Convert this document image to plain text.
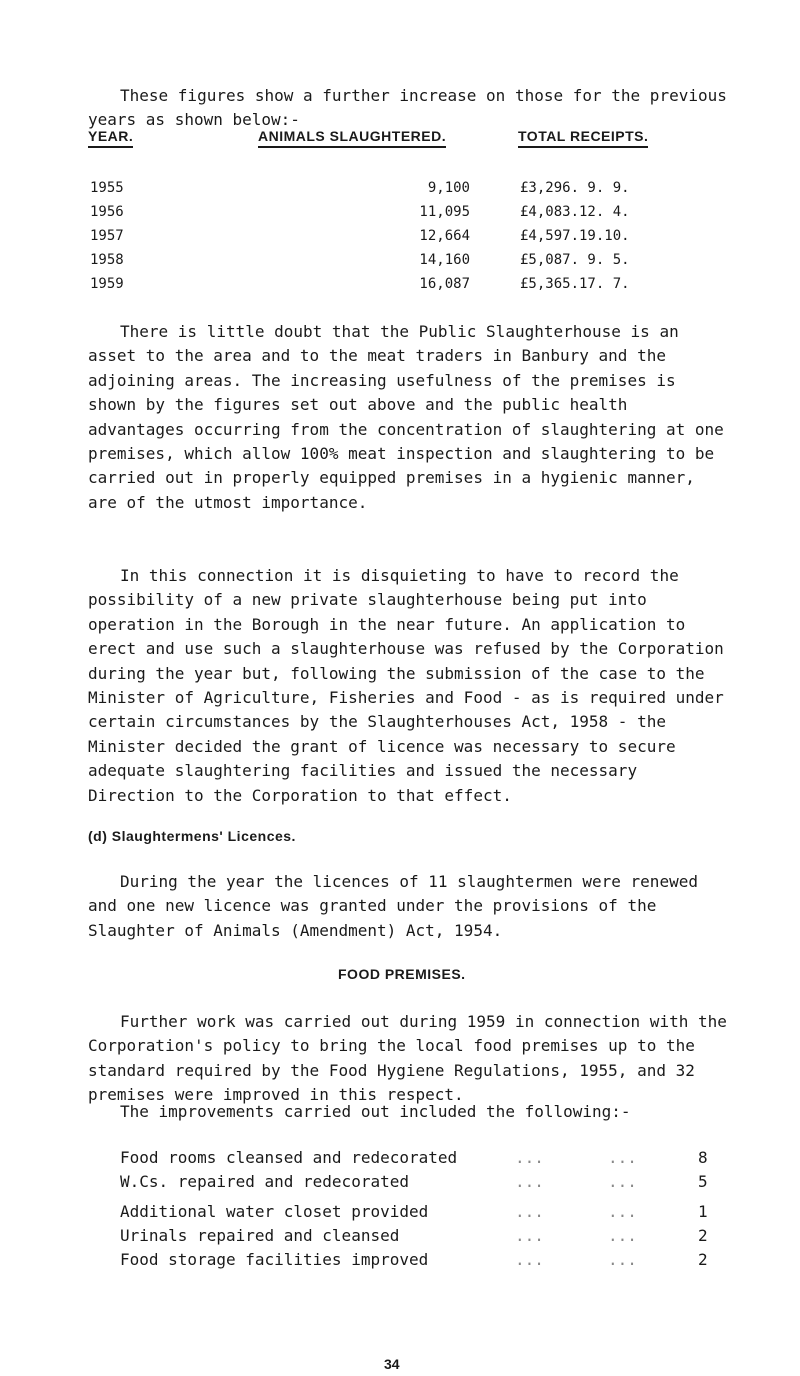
These figures show a further increase on those for the previous years as shown below:-

YEAR.	ANIMALS SLAUGHTERED.	TOTAL RECEIPTS.
1955	9,100	£3,296. 9. 9.
1956	11,095	£4,083.12. 4.
1957	12,664	£4,597.19.10.
1958	14,160	£5,087. 9. 5.
1959	16,087	£5,365.17. 7.

There is little doubt that the Public Slaughterhouse is an asset to the area and to the meat traders in Banbury and the adjoining areas. The increasing usefulness of the premises is shown by the figures set out above and the public health advantages occurring from the concentration of slaughtering at one premises, which allow 100% meat inspection and slaughtering to be carried out in properly equipped premises in a hygienic manner, are of the utmost importance.

In this connection it is disquieting to have to record the possibility of a new private slaughterhouse being put into operation in the Borough in the near future. An application to erect and use such a slaughterhouse was refused by the Corporation during the year but, following the submission of the case to the Minister of Agriculture, Fisheries and Food - as is required under certain circumstances by the Slaughterhouses Act, 1958 - the Minister decided the grant of licence was necessary to secure adequate slaughtering facilities and issued the necessary Direction to the Corporation to that effect.

(d) Slaughtermens' Licences.

During the year the licences of 11 slaughtermen were renewed and one new licence was granted under the provisions of the Slaughter of Animals (Amendment) Act, 1954.

FOOD PREMISES.

Further work was carried out during 1959 in connection with the Corporation's policy to bring the local food premises up to the standard required by the Food Hygiene Regulations, 1955, and 32 premises were improved in this respect.

The improvements carried out included the following:-

Food rooms cleansed and redecorated	...	...	8
W.Cs. repaired and redecorated	...	...	5
Additional water closet provided	...	...	1
Urinals repaired and cleansed	...	...	2
Food storage facilities improved	...	...	2
34
